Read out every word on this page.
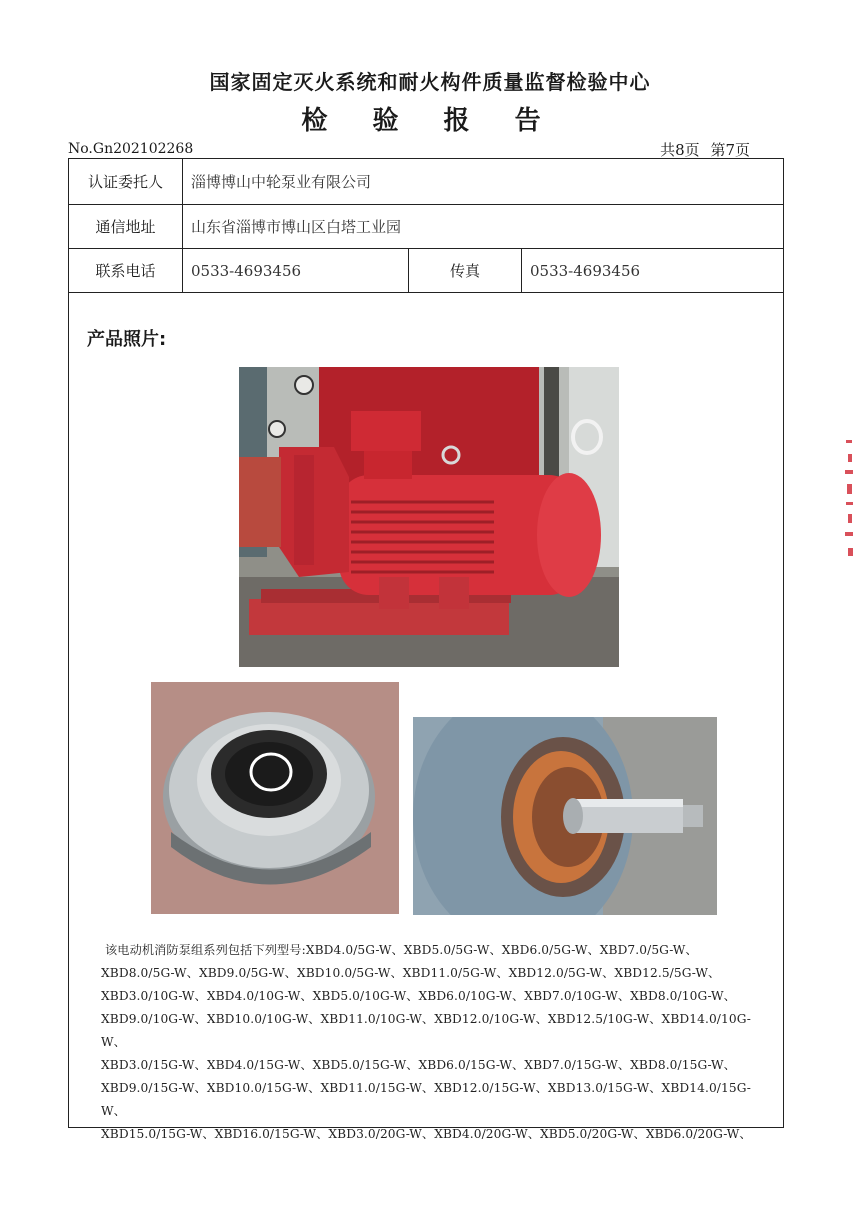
国家固定灭火系统和耐火构件质量监督检验中心
检 验 报 告
No.Gn202102268	共8页 第7页
认证委托人	淄博博山中轮泵业有限公司
通信地址	山东省淄博市博山区白塔工业园
联系电话	0533-4693456	传真	0533-4693456
产品照片:
该电动机消防泵组系列包括下列型号:XBD4.0/5G-W、XBD5.0/5G-W、XBD6.0/5G-W、XBD7.0/5G-W、
XBD8.0/5G-W、XBD9.0/5G-W、XBD10.0/5G-W、XBD11.0/5G-W、XBD12.0/5G-W、XBD12.5/5G-W、
XBD3.0/10G-W、XBD4.0/10G-W、XBD5.0/10G-W、XBD6.0/10G-W、XBD7.0/10G-W、XBD8.0/10G-W、
XBD9.0/10G-W、XBD10.0/10G-W、XBD11.0/10G-W、XBD12.0/10G-W、XBD12.5/10G-W、XBD14.0/10G-W、
XBD3.0/15G-W、XBD4.0/15G-W、XBD5.0/15G-W、XBD6.0/15G-W、XBD7.0/15G-W、XBD8.0/15G-W、
XBD9.0/15G-W、XBD10.0/15G-W、XBD11.0/15G-W、XBD12.0/15G-W、XBD13.0/15G-W、XBD14.0/15G-W、
XBD15.0/15G-W、XBD16.0/15G-W、XBD3.0/20G-W、XBD4.0/20G-W、XBD5.0/20G-W、XBD6.0/20G-W、
